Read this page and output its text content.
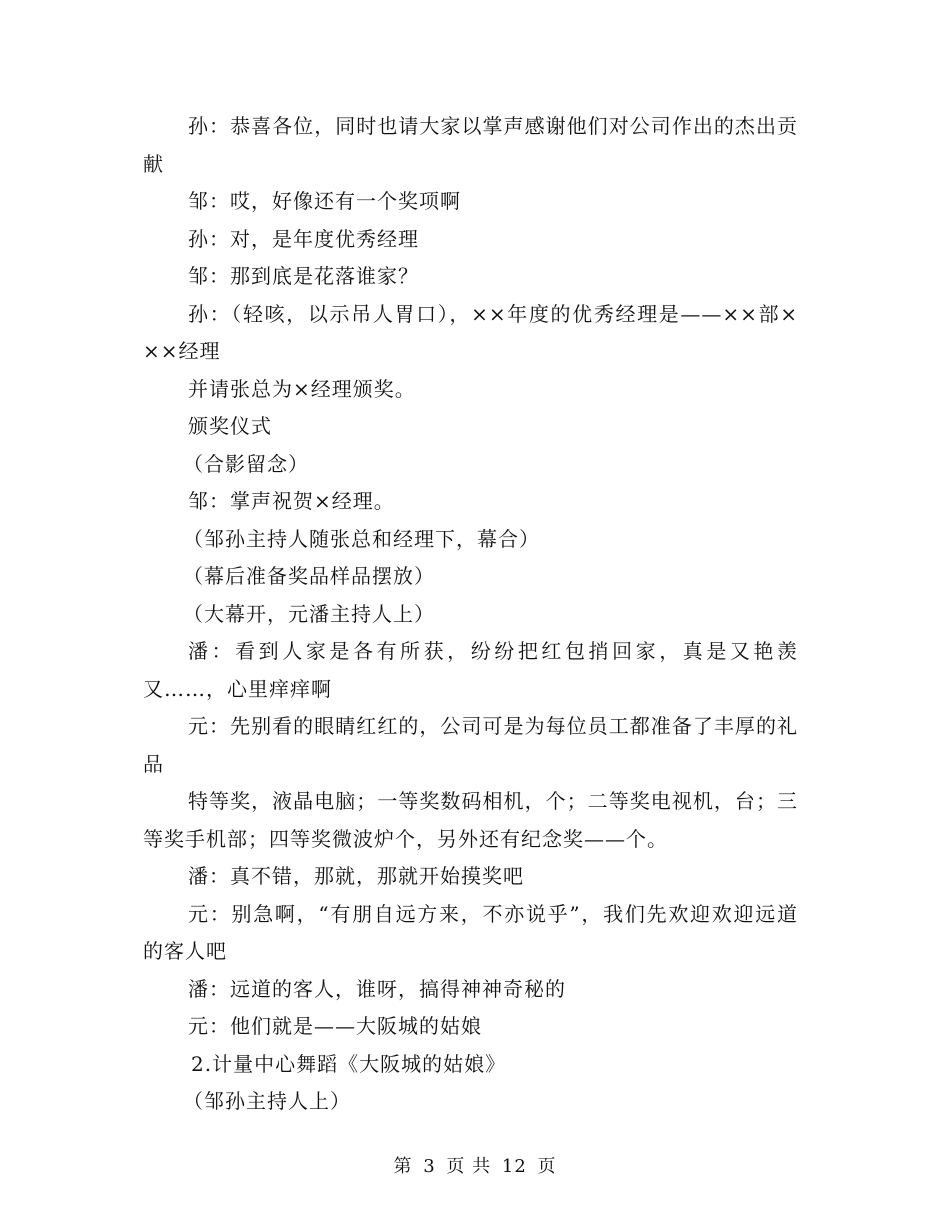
孙：恭喜各位，同时也请大家以掌声感谢他们对公司作出的杰出贡献

邹：哎，好像还有一个奖项啊

孙：对，是年度优秀经理

邹：那到底是花落谁家？

孙：（轻咳，以示吊人胃口），××年度的优秀经理是——××部×××经理

并请张总为×经理颁奖。

颁奖仪式

（合影留念）

邹：掌声祝贺×经理。

（邹孙主持人随张总和经理下，幕合）

（幕后准备奖品样品摆放）

（大幕开，元潘主持人上）

潘：看到人家是各有所获，纷纷把红包捎回家，真是又艳羡又……，心里痒痒啊

元：先别看的眼睛红红的，公司可是为每位员工都准备了丰厚的礼品

特等奖，液晶电脑；一等奖数码相机，个；二等奖电视机，台；三等奖手机部；四等奖微波炉个，另外还有纪念奖——个。

潘：真不错，那就，那就开始摸奖吧

元：别急啊，“有朋自远方来，不亦说乎”，我们先欢迎欢迎远道的客人吧

潘：远道的客人，谁呀，搞得神神奇秘的

元：他们就是——大阪城的姑娘

2.计量中心舞蹈《大阪城的姑娘》

（邹孙主持人上）

第 3 页 共 12 页
